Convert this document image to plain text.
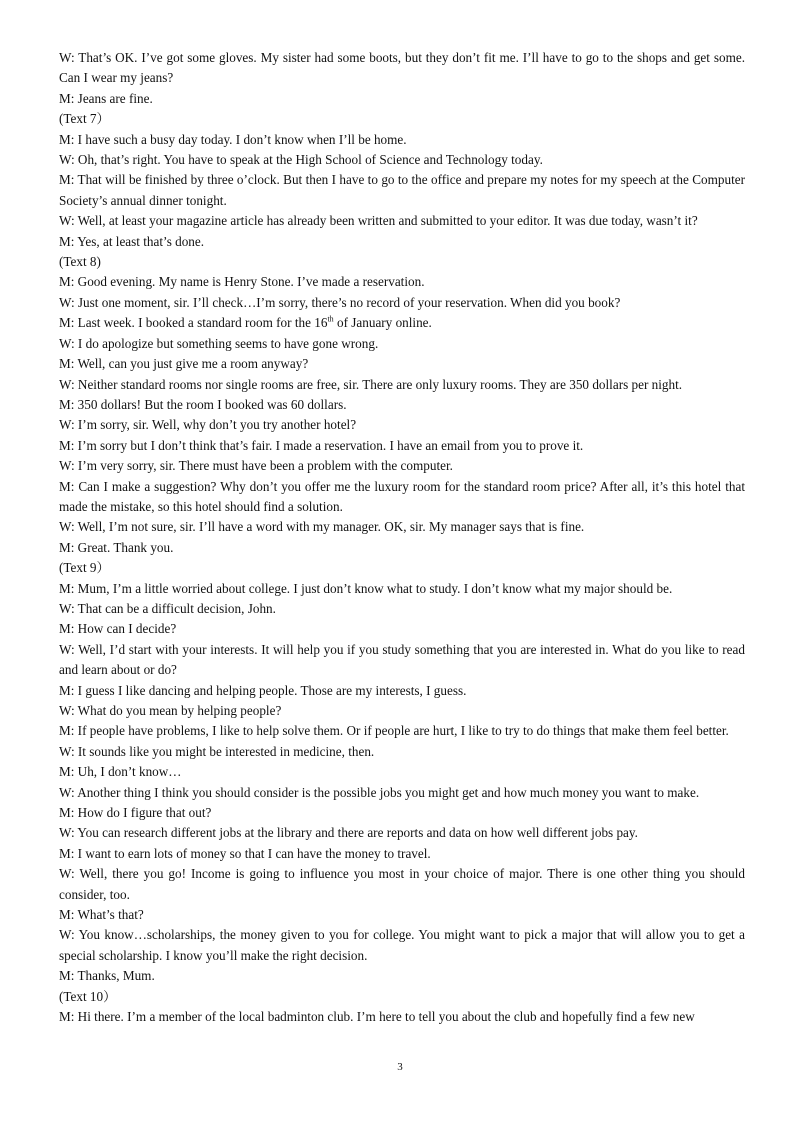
W: That’s OK. I’ve got some gloves. My sister had some boots, but they don’t fit me. I’ll have to go to the shops and get some. Can I wear my jeans?
M: Jeans are fine.
(Text 7）
M: I have such a busy day today. I don’t know when I’ll be home.
W: Oh, that’s right. You have to speak at the High School of Science and Technology today.
M: That will be finished by three o’clock. But then I have to go to the office and prepare my notes for my speech at the Computer Society’s annual dinner tonight.
W: Well, at least your magazine article has already been written and submitted to your editor. It was due today, wasn’t it?
M: Yes, at least that’s done.
(Text 8)
M: Good evening. My name is Henry Stone. I’ve made a reservation.
W: Just one moment, sir. I’ll check…I’m sorry, there’s no record of your reservation. When did you book?
M: Last week. I booked a standard room for the 16th of January online.
W: I do apologize but something seems to have gone wrong.
M: Well, can you just give me a room anyway?
W: Neither standard rooms nor single rooms are free, sir. There are only luxury rooms. They are 350 dollars per night.
M: 350 dollars! But the room I booked was 60 dollars.
W: I’m sorry, sir. Well, why don’t you try another hotel?
M: I’m sorry but I don’t think that’s fair. I made a reservation. I have an email from you to prove it.
W: I’m very sorry, sir. There must have been a problem with the computer.
M: Can I make a suggestion? Why don’t you offer me the luxury room for the standard room price? After all, it’s this hotel that made the mistake, so this hotel should find a solution.
W: Well, I’m not sure, sir. I’ll have a word with my manager. OK, sir. My manager says that is fine.
M: Great. Thank you.
(Text 9）
M: Mum, I’m a little worried about college. I just don’t know what to study. I don’t know what my major should be.
W: That can be a difficult decision, John.
M: How can I decide?
W: Well, I’d start with your interests. It will help you if you study something that you are interested in. What do you like to read and learn about or do?
M: I guess I like dancing and helping people. Those are my interests, I guess.
W: What do you mean by helping people?
M: If people have problems, I like to help solve them. Or if people are hurt, I like to try to do things that make them feel better.
W: It sounds like you might be interested in medicine, then.
M: Uh, I don’t know…
W: Another thing I think you should consider is the possible jobs you might get and how much money you want to make.
M: How do I figure that out?
W: You can research different jobs at the library and there are reports and data on how well different jobs pay.
M: I want to earn lots of money so that I can have the money to travel.
W: Well, there you go! Income is going to influence you most in your choice of major. There is one other thing you should consider, too.
M: What’s that?
W: You know…scholarships, the money given to you for college. You might want to pick a major that will allow you to get a special scholarship. I know you’ll make the right decision.
M: Thanks, Mum.
(Text 10）
M: Hi there. I’m a member of the local badminton club. I’m here to tell you about the club and hopefully find a few new
3
